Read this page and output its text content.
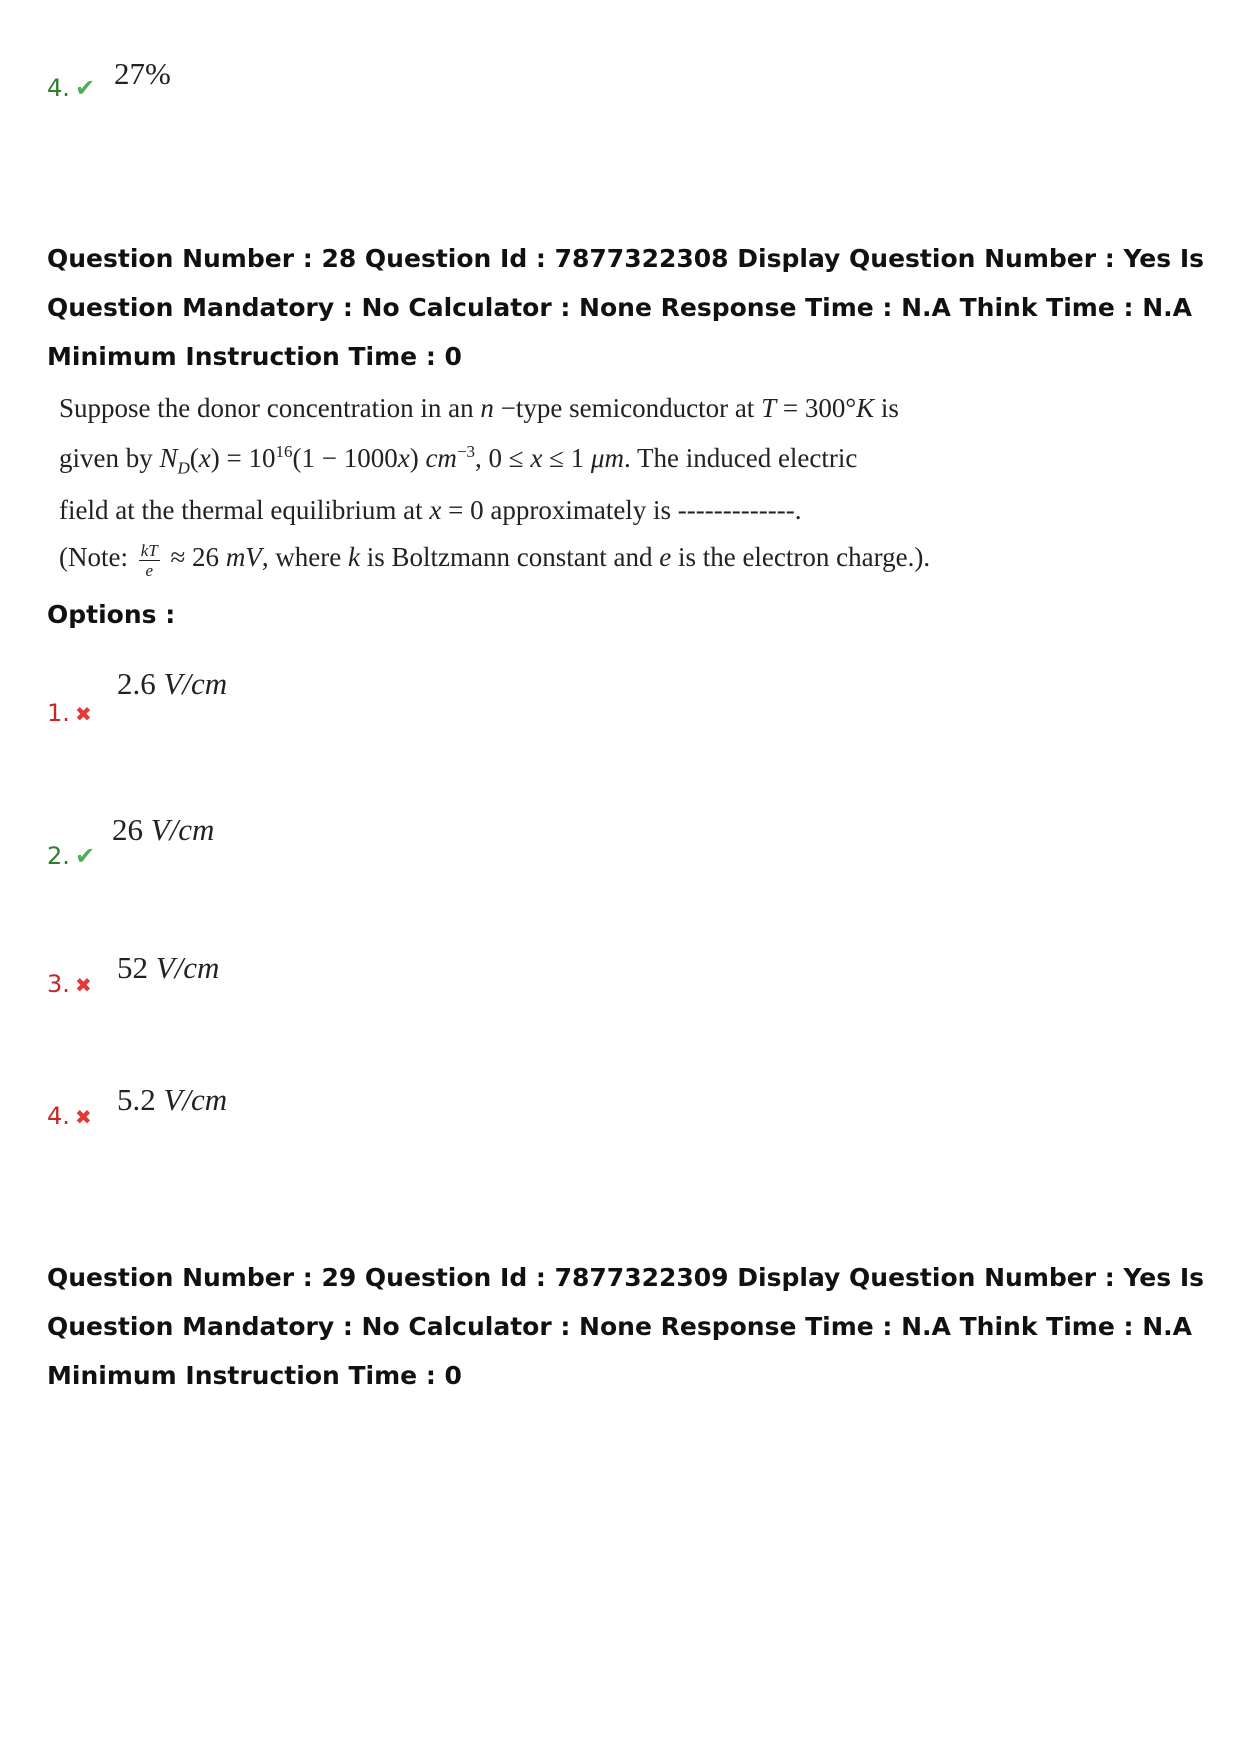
4. ✔ 27%
Question Number : 28 Question Id : 7877322308 Display Question Number : Yes Is Question Mandatory : No Calculator : None Response Time : N.A Think Time : N.A Minimum Instruction Time : 0
Suppose the donor concentration in an n −type semiconductor at T = 300°K is
given by $N_D(x) = 10^{16}(1 - 1000x)$ $cm^{-3}$, 0 ≤ x ≤ 1 μm. The induced electric
field at the thermal equilibrium at x = 0 approximately is -------------.
(Note: $\frac{kT}{e} \approx 26$ mV, where k is Boltzmann constant and e is the electron charge.).
Options :
1. ✖
2.6 V/cm
2. ✔
26 V/cm
3. ✖ 52 V/cm
4. ✖ 5.2 V/cm
Question Number : 29 Question Id : 7877322309 Display Question Number : Yes Is Question Mandatory : No Calculator : None Response Time : N.A Think Time : N.A Minimum Instruction Time : 0
